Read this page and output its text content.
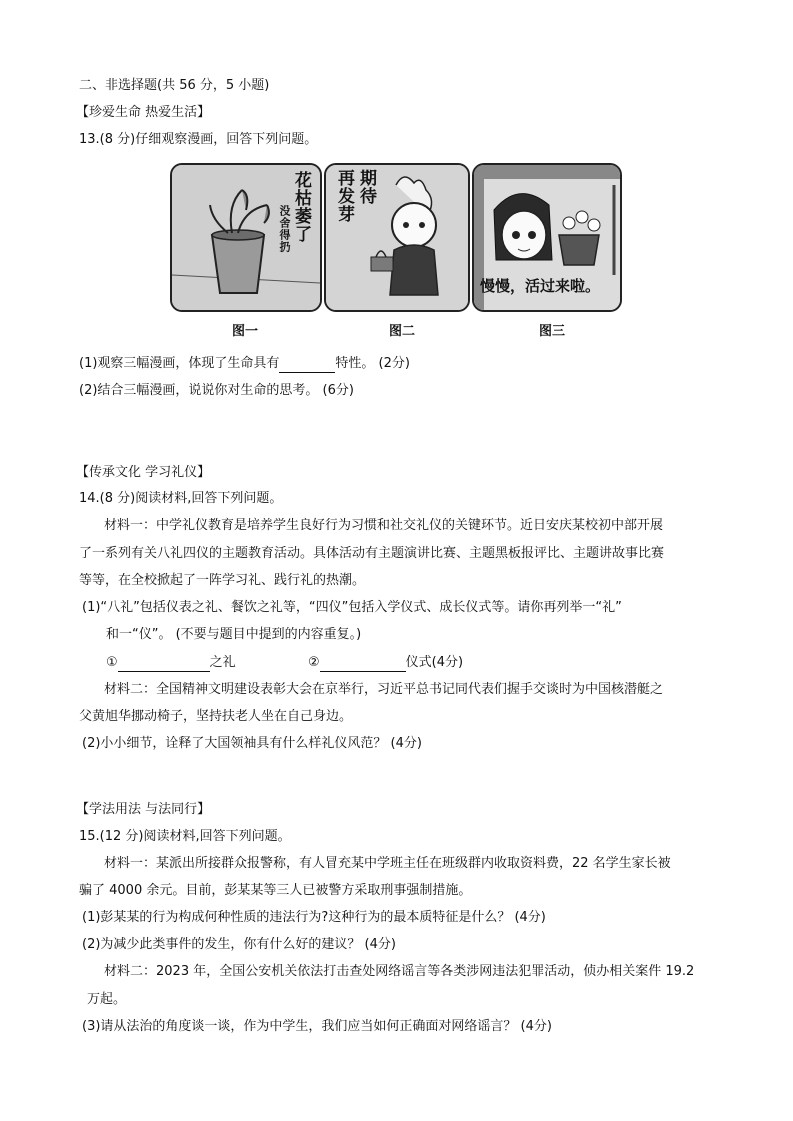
二、非选择题(共 56 分，5 小题)
【珍爱生命 热爱生活】
13.(8 分)仔细观察漫画，回答下列问题。
花枯萎了
没舍得扔
再发芽 期待
慢慢，活过来啦。
图一	图二	图三
(1)观察三幅漫画，体现了生命具有	特性。 (2分)
(2)结合三幅漫画，说说你对生命的思考。 (6分)
【传承文化 学习礼仪】
14.(8 分)阅读材料,回答下列问题。
材料一：中学礼仪教育是培养学生良好行为习惯和社交礼仪的关键环节。近日安庆某校初中部开展
了一系列有关八礼四仪的主题教育活动。具体活动有主题演讲比赛、主题黑板报评比、主题讲故事比赛
等等，在全校掀起了一阵学习礼、践行礼的热潮。
(1)“八礼”包括仪表之礼、餐饮之礼等，“四仪”包括入学仪式、成长仪式等。请你再列举一“礼”
和一“仪”。 (不要与题目中提到的内容重复。)
①	之礼	②	仪式(4分)
材料二：全国精神文明建设表彰大会在京举行，习近平总书记同代表们握手交谈时为中国核潜艇之
父黄旭华挪动椅子，坚持扶老人坐在自己身边。
(2)小小细节，诠释了大国领袖具有什么样礼仪风范？ (4分)
【学法用法 与法同行】
15.(12 分)阅读材料,回答下列问题。
材料一：某派出所接群众报警称，有人冒充某中学班主任在班级群内收取资料费，22 名学生家长被
骗了 4000 余元。目前，彭某某等三人已被警方采取刑事强制措施。
(1)彭某某的行为构成何种性质的违法行为?这种行为的最本质特征是什么？ (4分)
(2)为减少此类事件的发生，你有什么好的建议？ (4分)
材料二：2023 年，全国公安机关依法打击查处网络谣言等各类涉网违法犯罪活动，侦办相关案件 19.2
万起。
(3)请从法治的角度谈一谈，作为中学生，我们应当如何正确面对网络谣言？ (4分)
